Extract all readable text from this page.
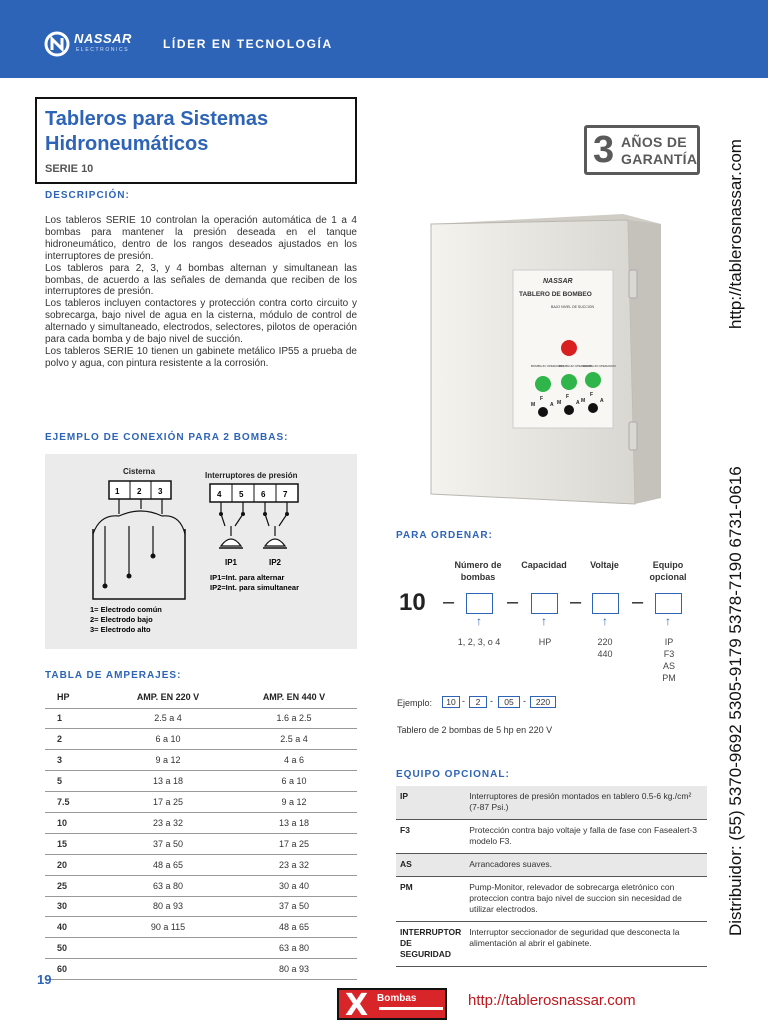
NASSAR
ELECTRONICS	LÍDER EN TECNOLOGÍA
Tableros para Sistemas Hidroneumáticos
SERIE 10	3 AÑOS DE
GARANTÍA
DESCRIPCIÓN:

Los tableros SERIE 10 controlan la operación automática de 1 a 4 bombas para mantener la presión deseada en el tanque hidroneumático, dentro de los rangos deseados ajustados en los interruptores de presión.

Los tableros para 2, 3, y 4 bombas alternan y simultanean las bombas, de acuerdo a las señales de demanda que reciben de los interruptores de presión.

Los tableros incluyen contactores y protección contra corto circuito y sobrecarga, bajo nivel de agua en la cisterna, módulo de control de alternado y simultaneado, electrodos, selectores, pilotos de operación para cada bomba y de bajo nivel de succión.

Los tableros SERIE 10 tienen un gabinete metálico IP55 a prueba de polvo y agua, con pintura resistente a la corrosión.

EJEMPLO DE CONEXIÓN PARA 2 BOMBAS:
Cisterna
1 2 3
Interruptores de presión
4 5 6 7
IP1	IP2
IP1=Int. para alternar
IP2=Int. para simultanear
1= Electrodo común
2= Electrodo bajo
3= Electrodo alto
NASSAR
TABLERO DE BOMBEO
BAJO NIVEL DE SUCCION
BOMBA #1 OPERANDO
BOMBA #2 OPERANDO
BOMBA #3 OPERANDO
M
F
A M
F
A M
F
A
PARA ORDENAR:
Número de bombas
Capacidad	Voltaje	Equipo opcional
10 –	–	–	–
↑	↑	↑	↑
1, 2, 3, o 4	HP	220
440
IP
F3
AS
PM
Ejemplo:	10 -	2	-	05	-	220
Tablero de 2 bombas de 5 hp en 220 V
TABLA DE AMPERAJES:
HP	AMP. EN 220 V	AMP. EN 440 V
1	2.5 a 4	1.6 a 2.5
2	6 a 10	2.5 a 4
3	9 a 12	4 a 6
5	13 a 18	6 a 10
7.5	17 a 25	9 a 12
10	23 a 32	13 a 18
15	37 a 50	17 a 25
20	48 a 65	23 a 32
25	63 a 80	30 a 40
30	80 a 93	37 a 50
40	90 a 115	48 a 65
50		63 a 80
60		80 a 93
EQUIPO OPCIONAL:
IP	Interruptores de presión montados en tablero 0.5-6 kg./cm² (7-87 Psi.)
F3	Protección contra bajo voltaje y falla de fase con Fasealert-3 modelo F3.
AS	Arrancadores suaves.
PM	Pump-Monitor, relevador de sobrecarga eletrónico con proteccion contra bajo nivel de succion sin necesidad de utilizar electrodos.
INTERRUPTOR DE SEGURIDAD	Interruptor seccionador de seguridad que desconecta la alimentación al abrir el gabinete.
http://tablerosnassar.com
Distribuidor: (55) 5370-9692 5305-9179 5378-7190 6731-0616
19
X Bombas	http://tablerosnassar.com
